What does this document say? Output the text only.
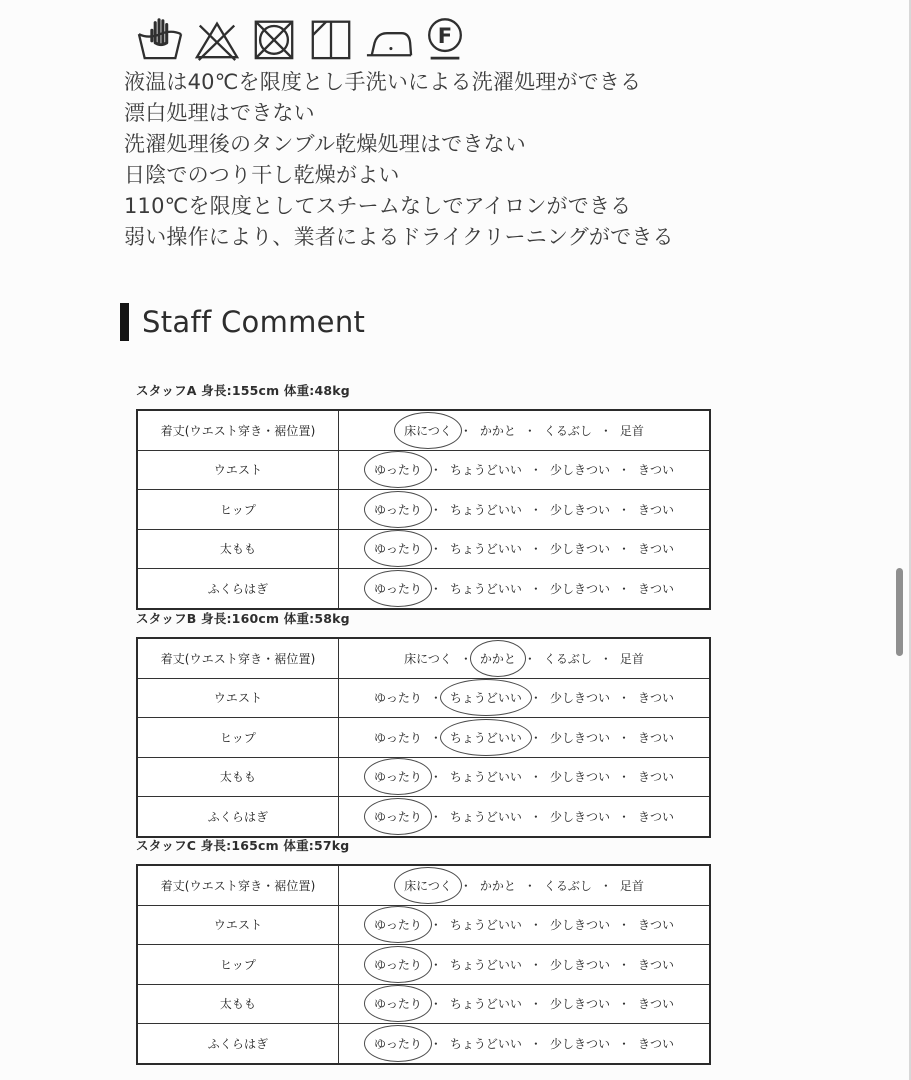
F
液温は40℃を限度とし手洗いによる洗濯処理ができる
漂白処理はできない
洗濯処理後のタンブル乾燥処理はできない
日陰でのつり干し乾燥がよい
110℃を限度としてスチームなしでアイロンができる
弱い操作により、業者によるドライクリーニングができる
Staff Comment
スタッフA 身長:155cm 体重:48kg
着丈(ウエスト穿き・裾位置)	床につく ・ かかと ・ くるぶし ・ 足首
ウエスト	ゆったり ・ ちょうどいい ・ 少しきつい ・ きつい
ヒップ	ゆったり ・ ちょうどいい ・ 少しきつい ・ きつい
太もも	ゆったり ・ ちょうどいい ・ 少しきつい ・ きつい
ふくらはぎ	ゆったり ・ ちょうどいい ・ 少しきつい ・ きつい
スタッフB 身長:160cm 体重:58kg
着丈(ウエスト穿き・裾位置)	床につく ・ かかと ・ くるぶし ・ 足首
ウエスト	ゆったり ・ ちょうどいい ・ 少しきつい ・ きつい
ヒップ	ゆったり ・ ちょうどいい ・ 少しきつい ・ きつい
太もも	ゆったり ・ ちょうどいい ・ 少しきつい ・ きつい
ふくらはぎ	ゆったり ・ ちょうどいい ・ 少しきつい ・ きつい
スタッフC 身長:165cm 体重:57kg
着丈(ウエスト穿き・裾位置)	床につく ・ かかと ・ くるぶし ・ 足首
ウエスト	ゆったり ・ ちょうどいい ・ 少しきつい ・ きつい
ヒップ	ゆったり ・ ちょうどいい ・ 少しきつい ・ きつい
太もも	ゆったり ・ ちょうどいい ・ 少しきつい ・ きつい
ふくらはぎ	ゆったり ・ ちょうどいい ・ 少しきつい ・ きつい
